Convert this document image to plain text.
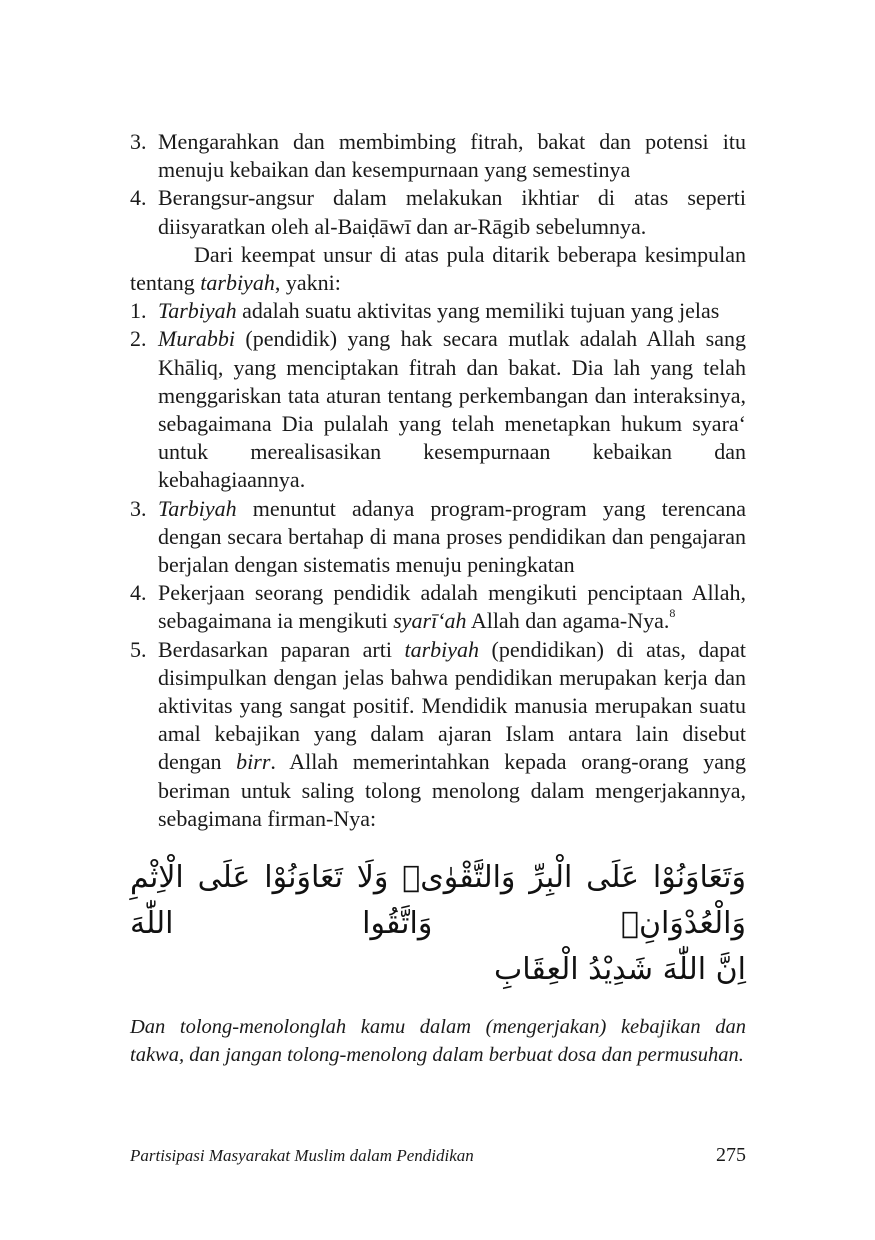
3. Mengarahkan dan membimbing fitrah, bakat dan potensi itu menuju kebaikan dan kesempurnaan yang semestinya
4. Berangsur-angsur dalam melakukan ikhtiar di atas seperti diisyaratkan oleh al-Baiḍāwī dan ar-Rāgib sebelumnya.

Dari keempat unsur di atas pula ditarik beberapa kesimpulan tentang tarbiyah, yakni:

1. Tarbiyah adalah suatu aktivitas yang memiliki tujuan yang jelas
2. Murabbi (pendidik) yang hak secara mutlak adalah Allah sang Khāliq, yang menciptakan fitrah dan bakat. Dia lah yang telah menggariskan tata aturan tentang perkembangan dan interaksinya, sebagaimana Dia pulalah yang telah menetapkan hukum syara‘ untuk merealisasikan kesempurnaan kebaikan dan kebahagiaannya.
3. Tarbiyah menuntut adanya program-program yang terencana dengan secara bertahap di mana proses pendidikan dan pengajaran berjalan dengan sistematis menuju peningkatan
4. Pekerjaan seorang pendidik adalah mengikuti penciptaan Allah, sebagaimana ia mengikuti syarī‘ah Allah dan agama-Nya.$^8$
5. Berdasarkan paparan arti tarbiyah (pendidikan) di atas, dapat disimpulkan dengan jelas bahwa pendidikan merupakan kerja dan aktivitas yang sangat positif. Mendidik manusia merupakan suatu amal kebajikan yang dalam ajaran Islam antara lain disebut dengan birr. Allah memerintahkan kepada orang-orang yang beriman untuk saling tolong menolong dalam mengerjakannya, sebagimana firman-Nya:
وَتَعَاوَنُوْا عَلَى الْبِرِّ وَالتَّقْوٰىۖ وَلَا تَعَاوَنُوْا عَلَى الْاِثْمِ وَالْعُدْوَانِۖ وَاتَّقُوا اللّٰهَ
اِنَّ اللّٰهَ شَدِيْدُ الْعِقَابِ
Dan tolong-menolonglah kamu dalam (mengerjakan) kebajikan dan takwa, dan jangan tolong-menolong dalam berbuat dosa dan permusuhan.
Partisipasi Masyarakat Muslim dalam Pendidikan	275
